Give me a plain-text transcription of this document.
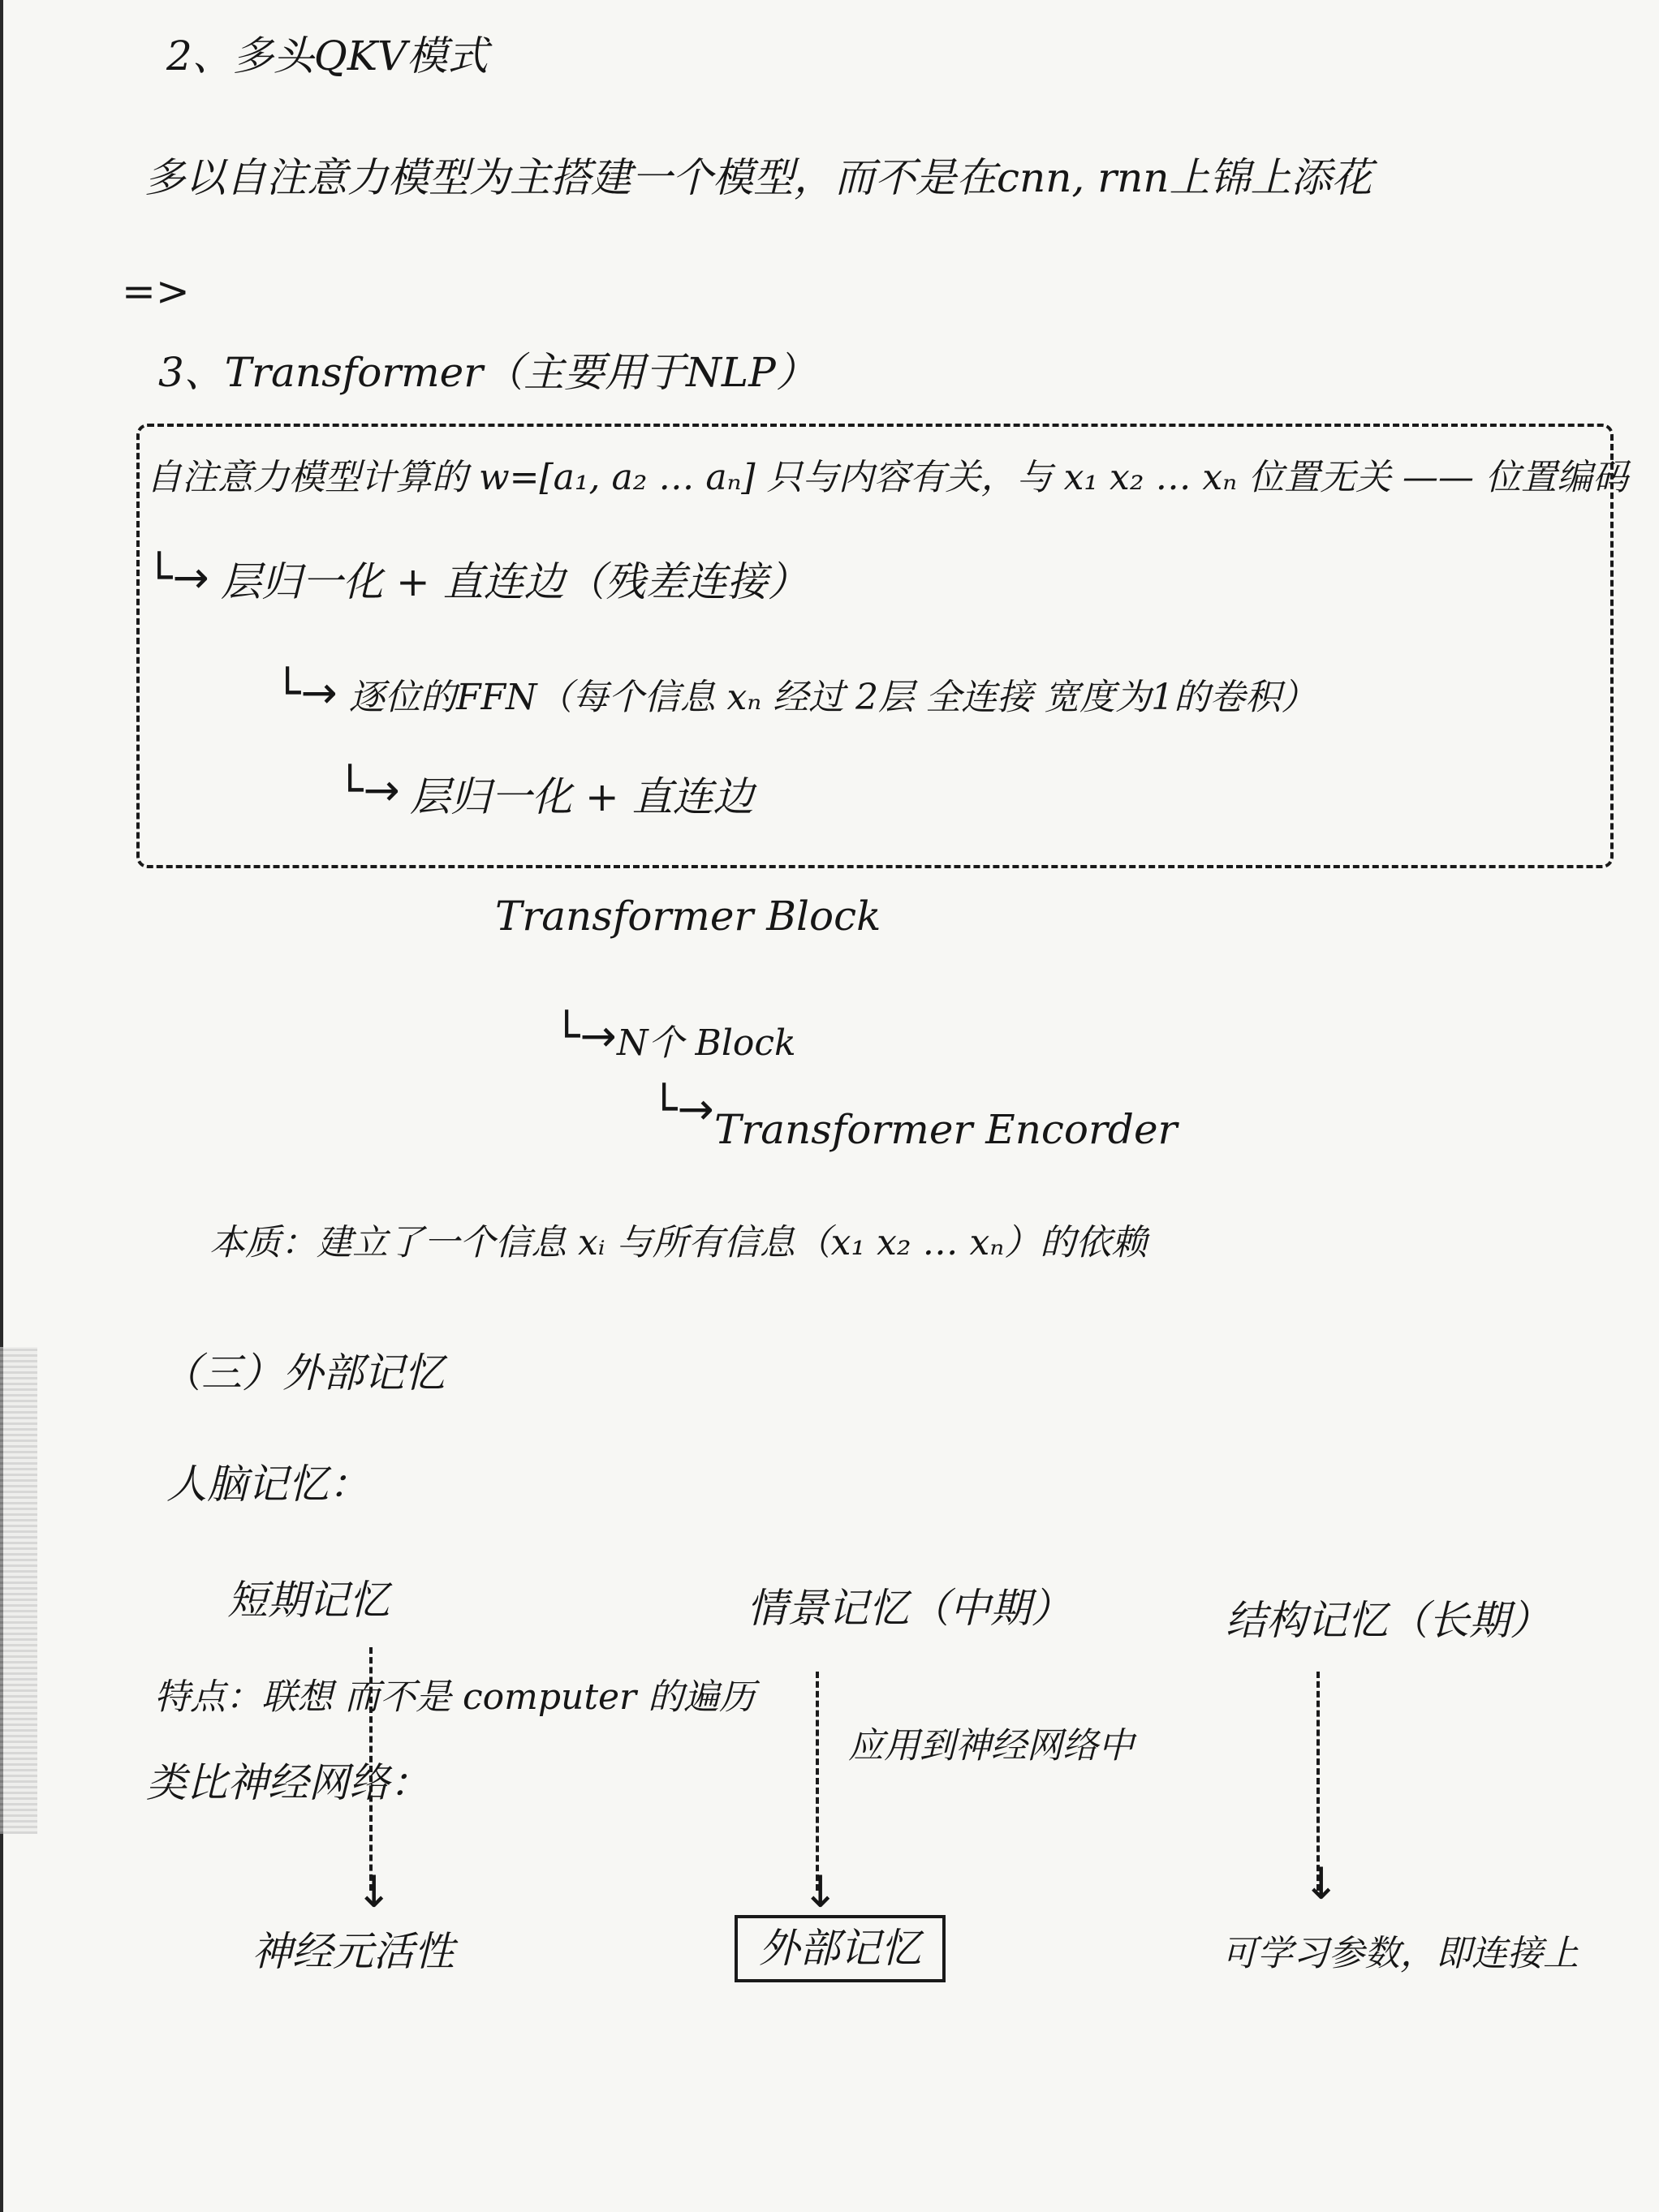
2、多头QKV模式

多以自注意力模型为主搭建一个模型，而不是在cnn, rnn上锦上添花

=>

3、Transformer（主要用于NLP）

自注意力模型计算的 w=[a₁, a₂ … aₙ] 只与内容有关，与 x₁ x₂ … xₙ 位置无关 —— 位置编码

└→ 层归一化 + 直连边（残差连接）

└→ 逐位的FFN（每个信息 xₙ 经过 2层 全连接 宽度为1的卷积）

└→ 层归一化 + 直连边

Transformer Block

└→ N个 Block

└→ Transformer Encorder

本质：建立了一个信息 xᵢ 与所有信息（x₁ x₂ … xₙ）的依赖

（三）外部记忆

人脑记忆：

短期记忆	情景记忆（中期）	结构记忆（长期）

特点：联想 而不是 computer 的遍历

应用到神经网络中

类比神经网络：

↓	↓	↓

神经元活性	外部记忆	可学习参数，即连接上
